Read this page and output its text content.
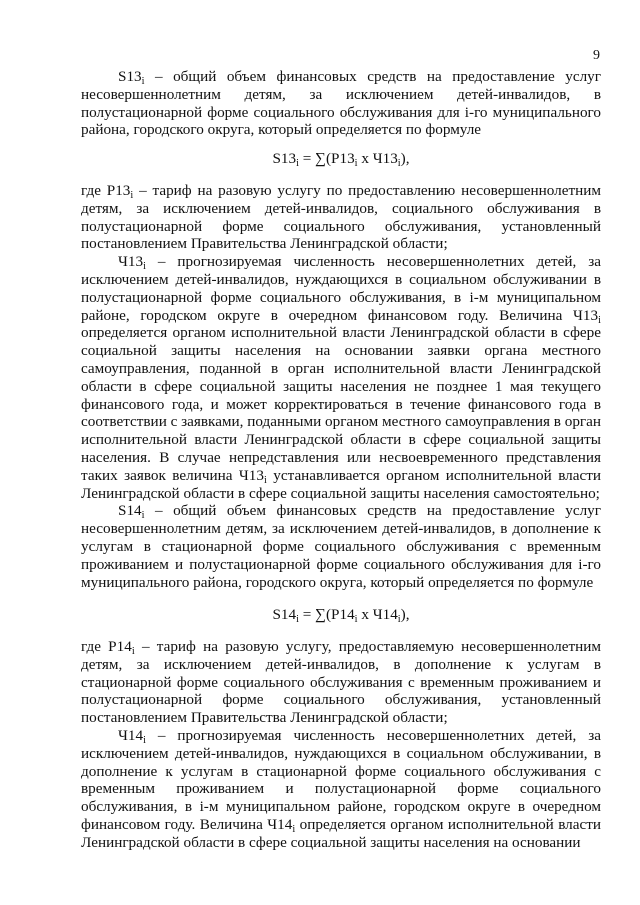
9

$S13_i$ – общий объем финансовых средств на предоставление услуг несовершеннолетним детям, за исключением детей-инвалидов, в полустационарной форме социального обслуживания для i-го муниципального района, городского округа, который определяется по формуле

$S13_i = \sum(P13_i$ x $Ч13_i$),

где $P13_i$ – тариф на разовую услугу по предоставлению несовершеннолетним детям, за исключением детей-инвалидов, социального обслуживания в полустационарной форме социального обслуживания, установленный постановлением Правительства Ленинградской области;

$Ч13_i$ – прогнозируемая численность несовершеннолетних детей, за исключением детей-инвалидов, нуждающихся в социальном обслуживании в полустационарной форме социального обслуживания, в i-м муниципальном районе, городском округе в очередном финансовом году. Величина $Ч13_i$ определяется органом исполнительной власти Ленинградской области в сфере социальной защиты населения на основании заявки органа местного самоуправления, поданной в орган исполнительной власти Ленинградской области в сфере социальной защиты населения не позднее 1 мая текущего финансового года, и может корректироваться в течение финансового года в соответствии с заявками, поданными органом местного самоуправления в орган исполнительной власти Ленинградской области в сфере социальной защиты населения. В случае непредставления или несвоевременного представления таких заявок величина $Ч13_i$ устанавливается органом исполнительной власти Ленинградской области в сфере социальной защиты населения самостоятельно;

$S14_i$ – общий объем финансовых средств на предоставление услуг несовершеннолетним детям, за исключением детей-инвалидов, в дополнение к услугам в стационарной форме социального обслуживания с временным проживанием и полустационарной форме социального обслуживания для i-го муниципального района, городского округа, который определяется по формуле

$S14_i = \sum(P14_i$ x $Ч14_i$),

где $P14_i$ – тариф на разовую услугу, предоставляемую несовершеннолетним детям, за исключением детей-инвалидов, в дополнение к услугам в стационарной форме социального обслуживания с временным проживанием и полустационарной форме социального обслуживания, установленный постановлением Правительства Ленинградской области;

$Ч14_i$ – прогнозируемая численность несовершеннолетних детей, за исключением детей-инвалидов, нуждающихся в социальном обслуживании, в дополнение к услугам в стационарной форме социального обслуживания с временным проживанием и полустационарной форме социального обслуживания, в i-м муниципальном районе, городском округе в очередном финансовом году. Величина $Ч14_i$ определяется органом исполнительной власти Ленинградской области в сфере социальной защиты населения на основании
